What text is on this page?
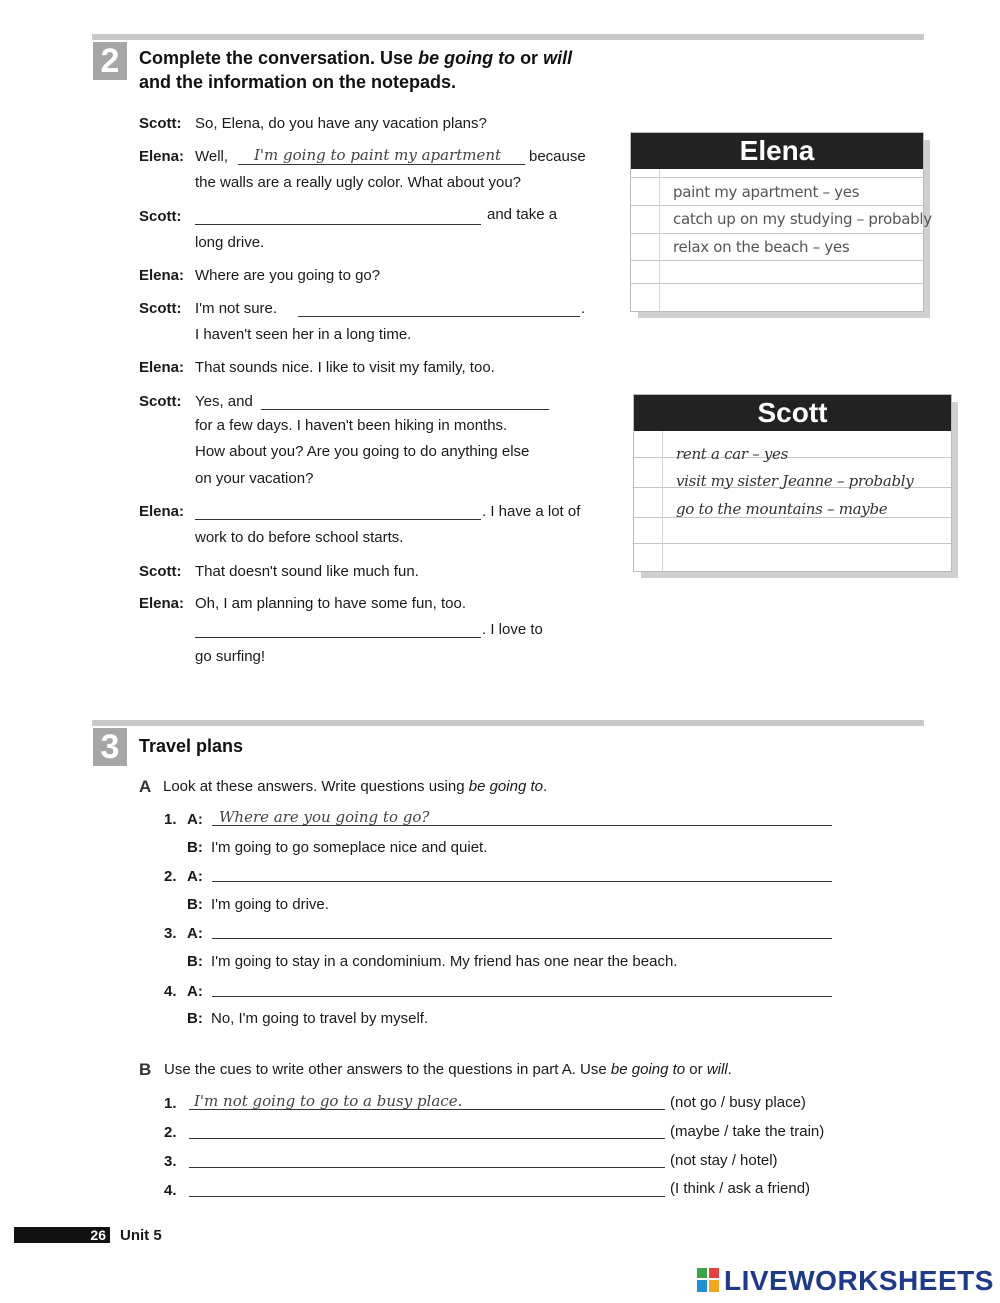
2	Complete the conversation. Use be going to or will
and the information on the notepads.
Scott: So, Elena, do you have any vacation plans?
Elena: Well, I'm going to paint my apartment because
the walls are a really ugly color. What about you?
Scott:	and take a
long drive.
Elena: Where are you going to go?
Scott: I'm not sure.	.
I haven't seen her in a long time.
Elena: That sounds nice. I like to visit my family, too.
Scott: Yes, and
for a few days. I haven't been hiking in months.
How about you? Are you going to do anything else
on your vacation?
Elena:	. I have a lot of
work to do before school starts.
Scott: That doesn't sound like much fun.
Elena: Oh, I am planning to have some fun, too.
. I love to
go surfing!
Elena
paint my apartment – yes
catch up on my studying – probably
relax on the beach – yes
Scott
rent a car – yes
visit my sister Jeanne – probably
go to the mountains – maybe
3	Travel plans
A Look at these answers. Write questions using be going to.
1. A: Where are you going to go?
B: I'm going to go someplace nice and quiet.
2. A:
B: I'm going to drive.
3. A:
B: I'm going to stay in a condominium. My friend has one near the beach.
4. A:
B: No, I'm going to travel by myself.
B Use the cues to write other answers to the questions in part A. Use be going to or will.
1. I'm not going to go to a busy place.	(not go / busy place)
2.	(maybe / take the train)
3.	(not stay / hotel)
4.	(I think / ask a friend)
26 Unit 5
LIVEWORKSHEETS
